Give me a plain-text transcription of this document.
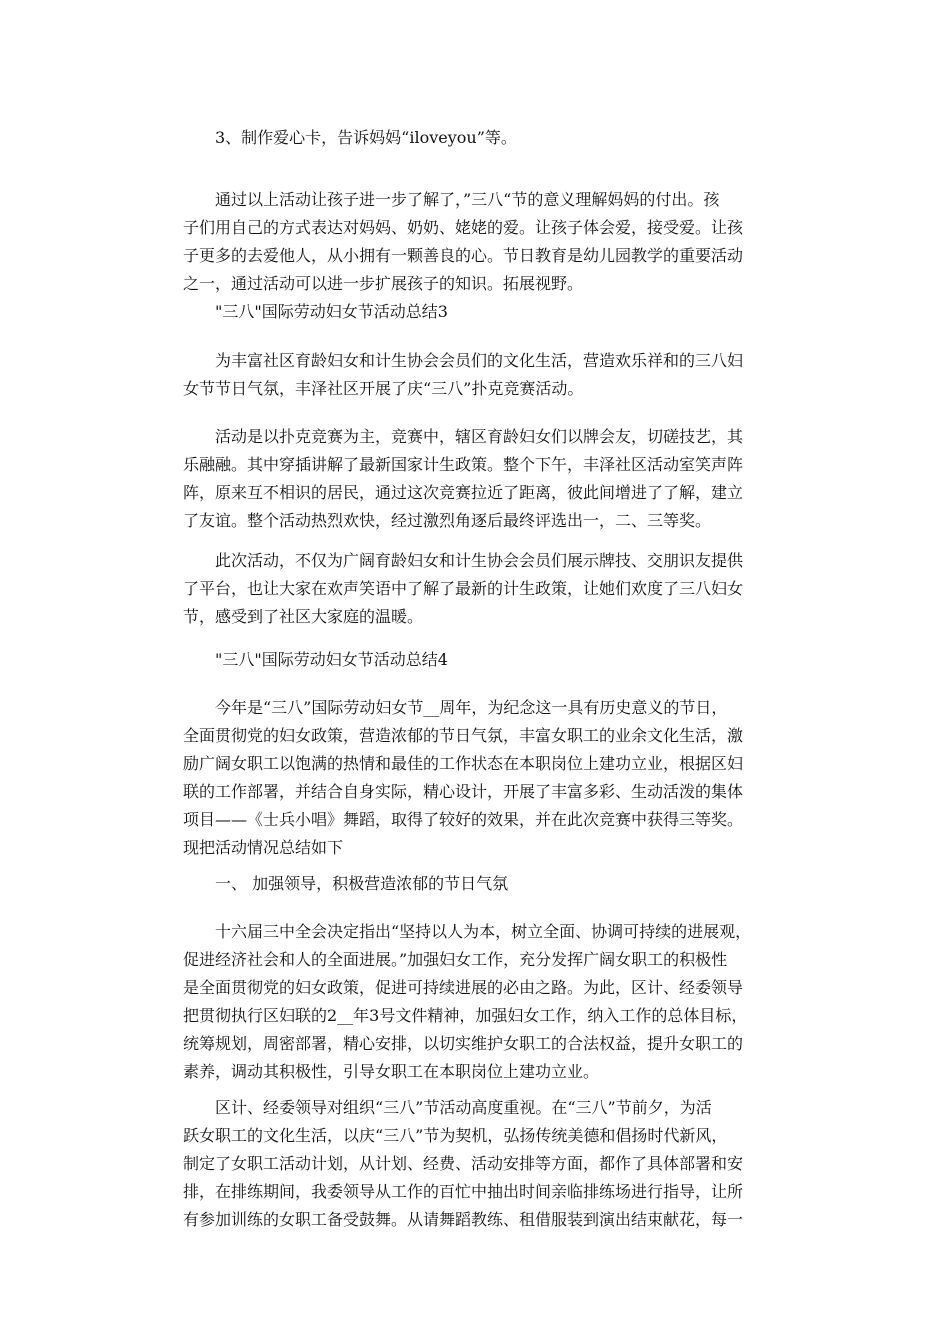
3、制作爱心卡，告诉妈妈“iloveyou”等。
通过以上活动让孩子进一步了解了，”三八“节的意义理解妈妈的付出。孩
子们用自己的方式表达对妈妈、奶奶、姥姥的爱。让孩子体会爱，接受爱。让孩
子更多的去爱他人，从小拥有一颗善良的心。节日教育是幼儿园教学的重要活动
之一，通过活动可以进一步扩展孩子的知识。拓展视野。
"三八"国际劳动妇女节活动总结3
为丰富社区育龄妇女和计生协会会员们的文化生活，营造欢乐祥和的三八妇
女节节日气氛，丰泽社区开展了庆“三八”扑克竞赛活动。
活动是以扑克竞赛为主，竞赛中，辖区育龄妇女们以牌会友，切磋技艺，其
乐融融。其中穿插讲解了最新国家计生政策。整个下午，丰泽社区活动室笑声阵
阵，原来互不相识的居民，通过这次竞赛拉近了距离，彼此间增进了了解，建立
了友谊。整个活动热烈欢快，经过激烈角逐后最终评选出一，二、三等奖。
此次活动，不仅为广阔育龄妇女和计生协会会员们展示牌技、交朋识友提供
了平台，也让大家在欢声笑语中了解了最新的计生政策，让她们欢度了三八妇女
节，感受到了社区大家庭的温暖。
"三八"国际劳动妇女节活动总结4
今年是“三八”国际劳动妇女节__周年，为纪念这一具有历史意义的节日，
全面贯彻党的妇女政策，营造浓郁的节日气氛，丰富女职工的业余文化生活，激
励广阔女职工以饱满的热情和最佳的工作状态在本职岗位上建功立业，根据区妇
联的工作部署，并结合自身实际，精心设计，开展了丰富多彩、生动活泼的集体
项目——《士兵小唱》舞蹈，取得了较好的效果，并在此次竞赛中获得三等奖。
现把活动情况总结如下
一、 加强领导，积极营造浓郁的节日气氛
十六届三中全会决定指出“坚持以人为本，树立全面、协调可持续的进展观，
促进经济社会和人的全面进展。”加强妇女工作，充分发挥广阔女职工的积极性
是全面贯彻党的妇女政策，促进可持续进展的必由之路。为此，区计、经委领导
把贯彻执行区妇联的2__年3号文件精神，加强妇女工作，纳入工作的总体目标，
统筹规划，周密部署，精心安排，以切实维护女职工的合法权益，提升女职工的
素养，调动其积极性，引导女职工在本职岗位上建功立业。
区计、经委领导对组织“三八”节活动高度重视。在“三八”节前夕，为活
跃女职工的文化生活，以庆“三八”节为契机，弘扬传统美德和倡扬时代新风，
制定了女职工活动计划，从计划、经费、活动安排等方面，都作了具体部署和安
排，在排练期间，我委领导从工作的百忙中抽出时间亲临排练场进行指导，让所
有参加训练的女职工备受鼓舞。从请舞蹈教练、租借服装到演出结束献花，每一
